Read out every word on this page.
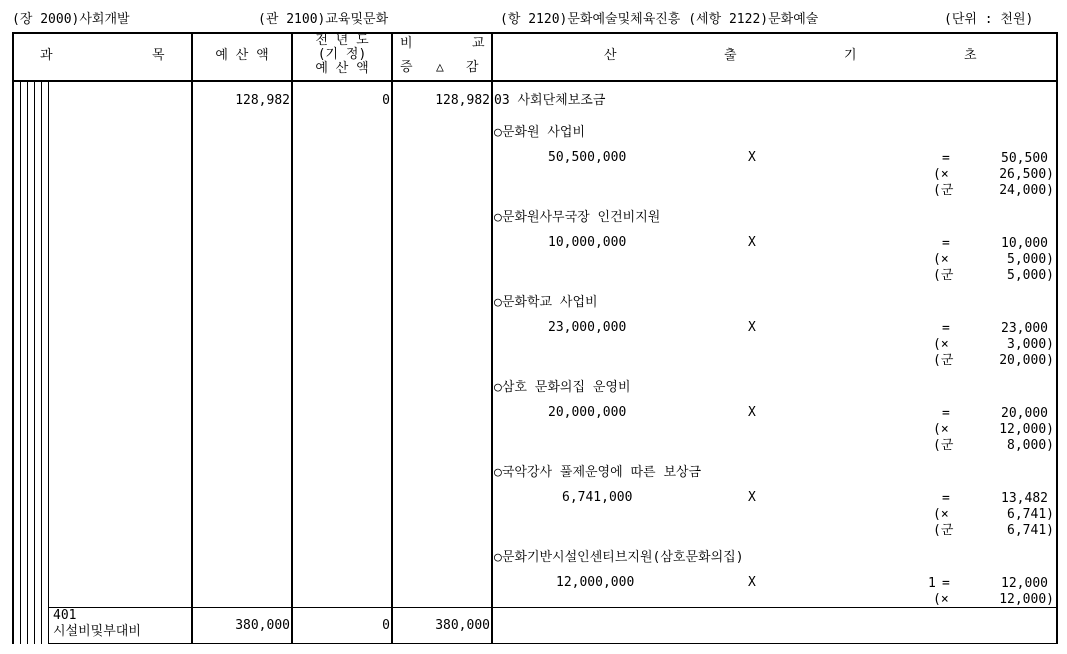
(장 2000)사회개발	(관 2100)교육및문화	(항 2120)문화예술및체육진흥 (세항 2122)문화예술	(단위 : 천원)
과	목	예 산 액
전 년 도
(기 정)
예 산 액
비	교
증 △ 감
산	출	기	초
128,982	0	128,982 03 사회단체보조금
○문화원 사업비
50,500,000	X	=	50,500
(×	26,500)
(군	24,000)
○문화원사무국장 인건비지원
10,000,000	X	=	10,000
(×	5,000)
(군	5,000)
○문화학교 사업비
23,000,000	X	=	23,000
(×	3,000)
(군	20,000)
○삼호 문화의집 운영비
20,000,000	X	=	20,000
(×	12,000)
(군	8,000)
○국악강사 풀제운영에 따른 보상금
6,741,000	X	=	13,482
(×	6,741)
(군	6,741)
○문화기반시설인센티브지원(삼호문화의집)
12,000,000	X	1 =	12,000
(×	12,000)
401
시설비및부대비	380,000	0	380,000
